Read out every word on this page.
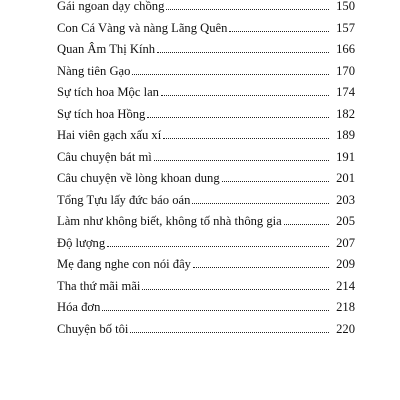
Gái ngoan dạy chồng	150
Con Cá Vàng và nàng Lãng Quên	157
Quan Âm Thị Kính	166
Nàng tiên Gạo	170
Sự tích hoa Mộc lan	174
Sự tích hoa Hồng	182
Hai viên gạch xấu xí	189
Câu chuyện bát mì	191
Câu chuyện về lòng khoan dung	201
Tổng Tựu lấy đức báo oán	203
Làm như không biết, không tố nhà thông gia	205
Độ lượng	207
Mẹ đang nghe con nói đây	209
Tha thứ mãi mãi	214
Hóa đơn	218
Chuyện bố tôi	220
